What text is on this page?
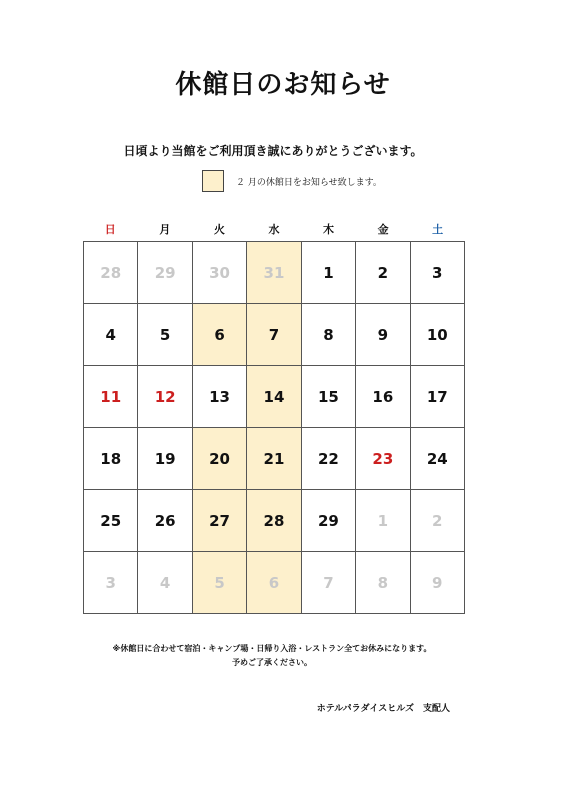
休館日のお知らせ
日頃より当館をご利用頂き誠にありがとうございます。
２ 月の休館日をお知らせ致します。
日	月	火	水	木	金	土
28	29	30	31	1	2	3
4	5	6	7	8	9	10
11	12	13	14	15	16	17
18	19	20	21	22	23	24
25	26	27	28	29	1	2
3	4	5	6	7	8	9
※休館日に合わせて宿泊・キャンプ場・日帰り入浴・レストラン全てお休みになります。
予めご了承ください。
ホテルパラダイスヒルズ　支配人
